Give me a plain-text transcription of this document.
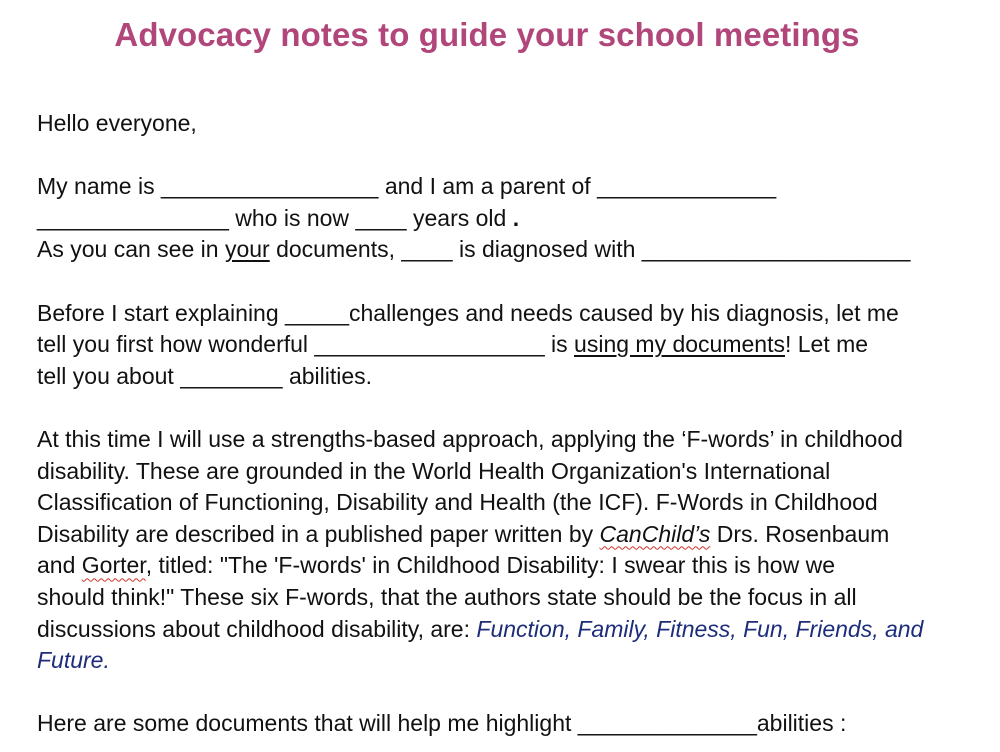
Advocacy notes to guide your school meetings
Hello everyone,
My name is _________________ and I am a parent of ______________
_______________ who is now ____ years old .
As you can see in your documents, ____ is diagnosed with _____________________
Before I start explaining _____challenges and needs caused by his diagnosis, let me
tell you first how wonderful __________________ is using my documents! Let me
tell you about ________ abilities.
At this time I will use a strengths-based approach, applying the ‘F-words’ in childhood
disability. These are grounded in the World Health Organization's International
Classification of Functioning, Disability and Health (the ICF). F-Words in Childhood
Disability are described in a published paper written by CanChild’s Drs. Rosenbaum
and Gorter, titled: "The 'F-words' in Childhood Disability: I swear this is how we
should think!" These six F-words, that the authors state should be the focus in all
discussions about childhood disability, are: Function, Family, Fitness, Fun, Friends, and
Future.
Here are some documents that will help me highlight ______________abilities :
